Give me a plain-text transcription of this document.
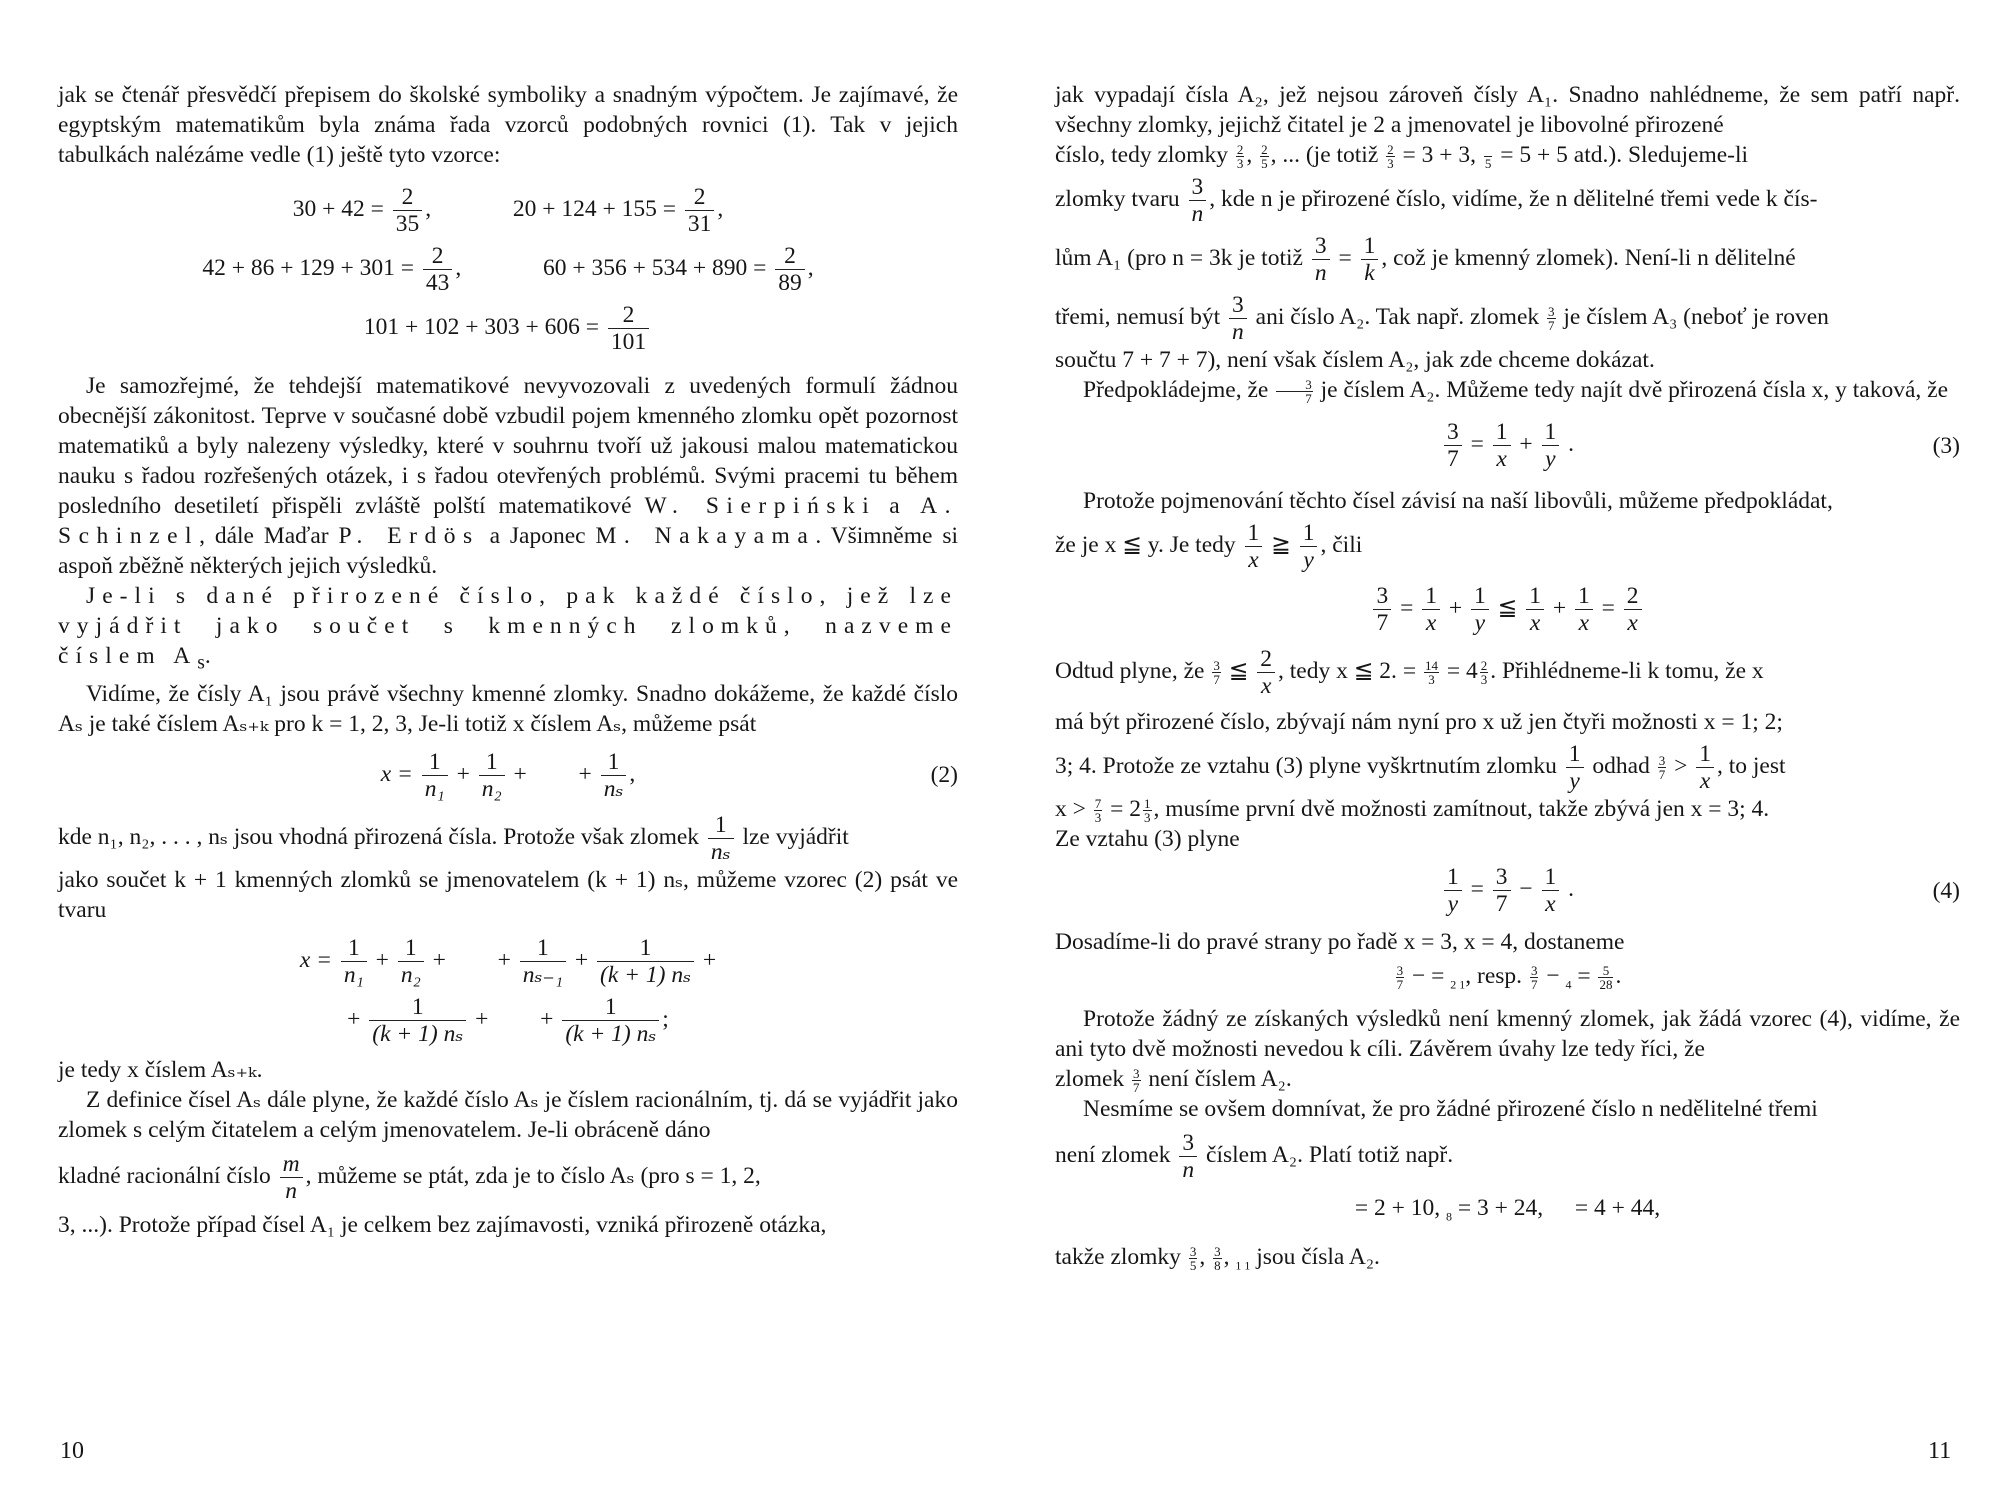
jak se čtenář přesvědčí přepisem do školské symboliky a snadným výpočtem. Je zajímavé, že egyptským matematikům byla známa řada vzorců podobných rovnici (1). Tak v jejich tabulkách nalézáme vedle (1) ještě tyto vzorce:

$30 + 42 = \frac{2}{35}$ ,	$20 + 124 + 155 = \frac{2}{31}$ ,
$42 + 86 + 129 + 301 = \frac{2}{43}$ ,	$60 + 356 + 534 + 890 = \frac{2}{89}$ ,
$101 + 102 + 303 + 606 = \frac{2}{101}$

Je samozřejmé, že tehdejší matematikové nevyvozovali z uvedených formulí žádnou obecnější zákonitost. Teprve v současné době vzbudil pojem kmenného zlomku opět pozornost matematiků a byly nalezeny výsledky, které v souhrnu tvoří už jakousi malou matematickou nauku s řadou rozřešených otázek, i s řadou otevřených problémů. Svými pracemi tu během posledního desetiletí přispěli zvláště polští matematikové W. Sierpiński a A. Schinzel, dále Maďar P. Erdös a Japonec M. Nakayama. Všimněme si aspoň zběžně některých jejich výsledků.

Je-li s dané přirozené číslo, pak každé číslo, jež lze vyjádřit jako součet s kmenných zlomků, nazveme číslem $A_s$.

Vidíme, že čísly A₁ jsou právě všechny kmenné zlomky. Snadno dokážeme, že každé číslo Aₛ je také číslem Aₛ₊ₖ pro k = 1, 2, 3, Je-li totiž x číslem Aₛ, můžeme psát

$x = \frac{1}{\text{n₁}} + \frac{1}{\text{n₂}}$ + + $\frac{1}{\text{nₛ}}$ ,	(2)

kde n₁, n₂, . . . , nₛ jsou vhodná přirozená čísla. Protože však zlomek $\frac{1}{\text{nₛ}}$ lze vyjádřit

jako součet k + 1 kmenných zlomků se jmenovatelem (k + 1) nₛ, můžeme vzorec (2) psát ve tvaru

$x = \frac{1}{\text{n₁}} + \frac{1}{\text{n₂}}$ + + $\frac{1}{\text{nₛ₋₁}} + \frac{1}{\text{(k + 1) nₛ}}$ +
+ $\frac{1}{\text{(k + 1) nₛ}}$ + + $\frac{1}{\text{(k + 1) nₛ}}$ ;

je tedy x číslem Aₛ₊ₖ.

Z definice čísel Aₛ dále plyne, že každé číslo Aₛ je číslem racionálním, tj. dá se vyjádřit jako zlomek s celým čitatelem a celým jmenovatelem. Je-li obráceně dáno

kladné racionální číslo $\frac{m}{n}$ , můžeme se ptát, zda je to číslo Aₛ (pro s = 1, 2,

3, ...). Protože případ čísel A₁ je celkem bez zajímavosti, vzniká přirozeně otázka,

10

jak vypadají čísla A₂, jež nejsou zároveň čísly A₁. Snadno nahlédneme, že sem patří např. všechny zlomky, jejichž čitatel je 2 a jmenovatel je libovolné přirozené

číslo, tedy zlomky $\frac{2}{3}$ , $\frac{2}{5}$ , ... (je totiž $\frac{2}{3} = 3 + 3$,
5 = 5 + 5 atd.). Sledujeme-li

zlomky tvaru $\frac{3}{n}$ , kde n je přirozené číslo, vidíme, že n dělitelné třemi vede k čís-

lům A₁ (pro n = 3k je totiž $\frac{3}{n} = \frac{1}{k}$ , což je kmenný zlomek). Není-li n dělitelné

třemi, nemusí být $\frac{3}{n}$ ani číslo A₂. Tak např. zlomek $\frac{3}{7}$ je číslem A₃ (neboť je roven

součtu 7 + 7 + 7), není však číslem A₂, jak zde chceme dokázat.

Předpokládejme, že $\frac{3}{7}$ je číslem A₂. Můžeme tedy najít dvě přirozená čísla x, y taková, že

$\frac{3}{7} = \frac{1}{x} + \frac{1}{y}$ .	(3)

Protože pojmenování těchto čísel závisí na naší libovůli, můžeme předpokládat,

že je x ≦ y. Je tedy $\frac{1}{x}$ ≧ $\frac{1}{y}$ , čili

$\frac{3}{7} = \frac{1}{x} + \frac{1}{y}$ ≦ $\frac{1}{x} + \frac{1}{x} = \frac{2}{x}$

Odtud plyne, že $\frac{3}{7}$ ≦ $\frac{2}{x}$ , tedy x ≦ 2. = $\frac{14}{3} = 4 \frac{2}{3}$ . Přihlédneme-li k tomu, že x

má být přirozené číslo, zbývají nám nyní pro x už jen čtyři možnosti x = 1; 2;

3; 4. Protože ze vztahu (3) plyne vyškrtnutím zlomku $\frac{1}{y}$ odhad $\frac{3}{7} > \frac{1}{x}$ , to jest

$x > \frac{7}{3} = 2 \frac{1}{3}$ , musíme první dvě možnosti zamítnout, takže zbývá jen x = 3; 4.

Ze vztahu (3) plyne

$\frac{1}{y} = \frac{3}{7} - \frac{1}{x}$ .	(4)

Dosadíme-li do pravé strany po řadě x = 3, x = 4, dostaneme

$\frac{3}{7}$ − = $_{2 1}$, resp. $\frac{3}{7} - _4 = \frac{5}{28}$ .

Protože žádný ze získaných výsledků není kmenný zlomek, jak žádá vzorec (4), vidíme, že ani tyto dvě možnosti nevedou k cíli. Závěrem úvahy lze tedy říci, že

zlomek $\frac{3}{7}$ není číslem A₂.

Nesmíme se ovšem domnívat, že pro žádné přirozené číslo n nedělitelné třemi

není zlomek $\frac{3}{n}$ číslem A₂. Platí totiž např.

= 2 + 10, $_8$ = 3 + 24, = 4 + 44,

takže zlomky $\frac{3}{5}$ , $\frac{3}{8}$ , $_{1 1}$ jsou čísla A₂.

11
